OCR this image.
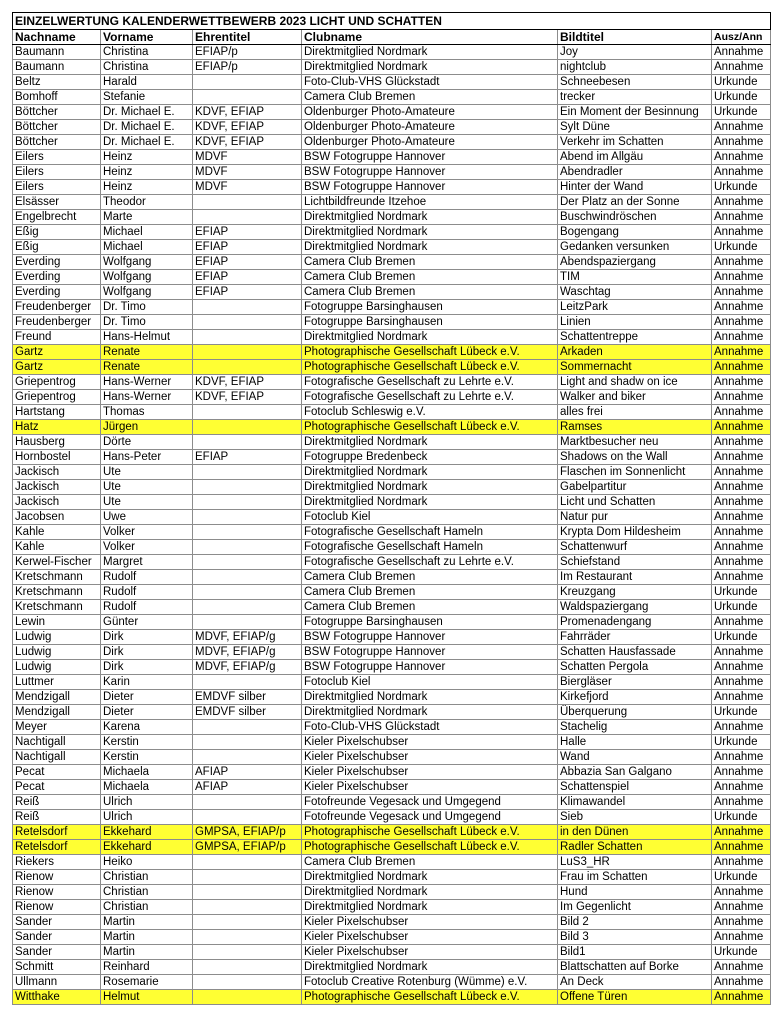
EINZELWERTUNG KALENDERWETTBEWERB 2023 LICHT UND SCHATTEN					
Nachname	Vorname	Ehrentitel	Clubname	Bildtitel	Ausz/Ann
Baumann	Christina	EFIAP/p	Direktmitglied Nordmark	Joy	Annahme
Baumann	Christina	EFIAP/p	Direktmitglied Nordmark	nightclub	Annahme
Beltz	Harald		Foto-Club-VHS Glückstadt	Schneebesen	Urkunde
Bomhoff	Stefanie		Camera Club Bremen	trecker	Urkunde
Böttcher	Dr. Michael E.	KDVF, EFIAP	Oldenburger Photo-Amateure	Ein Moment der Besinnung	Urkunde
Böttcher	Dr. Michael E.	KDVF, EFIAP	Oldenburger Photo-Amateure	Sylt Düne	Annahme
Böttcher	Dr. Michael E.	KDVF, EFIAP	Oldenburger Photo-Amateure	Verkehr im Schatten	Annahme
Eilers	Heinz	MDVF	BSW Fotogruppe Hannover	Abend im Allgäu	Annahme
Eilers	Heinz	MDVF	BSW Fotogruppe Hannover	Abendradler	Annahme
Eilers	Heinz	MDVF	BSW Fotogruppe Hannover	Hinter der Wand	Urkunde
Elsässer	Theodor		Lichtbildfreunde Itzehoe	Der Platz an der Sonne	Annahme
Engelbrecht	Marte		Direktmitglied Nordmark	Buschwindröschen	Annahme
Eßig	Michael	EFIAP	Direktmitglied Nordmark	Bogengang	Annahme
Eßig	Michael	EFIAP	Direktmitglied Nordmark	Gedanken versunken	Urkunde
Everding	Wolfgang	EFIAP	Camera Club Bremen	Abendspaziergang	Annahme
Everding	Wolfgang	EFIAP	Camera Club Bremen	TIM	Annahme
Everding	Wolfgang	EFIAP	Camera Club Bremen	Waschtag	Annahme
Freudenberger	Dr. Timo		Fotogruppe Barsinghausen	LeitzPark	Annahme
Freudenberger	Dr. Timo		Fotogruppe Barsinghausen	Linien	Annahme
Freund	Hans-Helmut		Direktmitglied Nordmark	Schattentreppe	Annahme
Gartz	Renate		Photographische Gesellschaft Lübeck e.V.	Arkaden	Annahme
Gartz	Renate		Photographische Gesellschaft Lübeck e.V.	Sommernacht	Annahme
Griepentrog	Hans-Werner	KDVF, EFIAP	Fotografische Gesellschaft zu Lehrte e.V.	Light and shadw on ice	Annahme
Griepentrog	Hans-Werner	KDVF, EFIAP	Fotografische Gesellschaft zu Lehrte e.V.	Walker and biker	Annahme
Hartstang	Thomas		Fotoclub Schleswig e.V.	alles frei	Annahme
Hatz	Jürgen		Photographische Gesellschaft Lübeck e.V.	Ramses	Annahme
Hausberg	Dörte		Direktmitglied Nordmark	Marktbesucher neu	Annahme
Hornbostel	Hans-Peter	EFIAP	Fotogruppe Bredenbeck	Shadows on the Wall	Annahme
Jackisch	Ute		Direktmitglied Nordmark	Flaschen im Sonnenlicht	Annahme
Jackisch	Ute		Direktmitglied Nordmark	Gabelpartitur	Annahme
Jackisch	Ute		Direktmitglied Nordmark	Licht und Schatten	Annahme
Jacobsen	Uwe		Fotoclub Kiel	Natur pur	Annahme
Kahle	Volker		Fotografische Gesellschaft Hameln	Krypta Dom Hildesheim	Annahme
Kahle	Volker		Fotografische Gesellschaft Hameln	Schattenwurf	Annahme
Kerwel-Fischer	Margret		Fotografische Gesellschaft zu Lehrte e.V.	Schiefstand	Annahme
Kretschmann	Rudolf		Camera Club Bremen	Im Restaurant	Annahme
Kretschmann	Rudolf		Camera Club Bremen	Kreuzgang	Urkunde
Kretschmann	Rudolf		Camera Club Bremen	Waldspaziergang	Urkunde
Lewin	Günter		Fotogruppe Barsinghausen	Promenadengang	Annahme
Ludwig	Dirk	MDVF, EFIAP/g	BSW Fotogruppe Hannover	Fahrräder	Urkunde
Ludwig	Dirk	MDVF, EFIAP/g	BSW Fotogruppe Hannover	Schatten Hausfassade	Annahme
Ludwig	Dirk	MDVF, EFIAP/g	BSW Fotogruppe Hannover	Schatten Pergola	Annahme
Luttmer	Karin		Fotoclub Kiel	Biergläser	Annahme
Mendzigall	Dieter	EMDVF silber	Direktmitglied Nordmark	Kirkefjord	Annahme
Mendzigall	Dieter	EMDVF silber	Direktmitglied Nordmark	Überquerung	Urkunde
Meyer	Karena		Foto-Club-VHS Glückstadt	Stachelig	Annahme
Nachtigall	Kerstin		Kieler Pixelschubser	Halle	Urkunde
Nachtigall	Kerstin		Kieler Pixelschubser	Wand	Annahme
Pecat	Michaela	AFIAP	Kieler Pixelschubser	Abbazia San Galgano	Annahme
Pecat	Michaela	AFIAP	Kieler Pixelschubser	Schattenspiel	Annahme
Reiß	Ulrich		Fotofreunde Vegesack und Umgegend	Klimawandel	Annahme
Reiß	Ulrich		Fotofreunde Vegesack und Umgegend	Sieb	Urkunde
Retelsdorf	Ekkehard	GMPSA, EFIAP/p	Photographische Gesellschaft Lübeck e.V.	in den Dünen	Annahme
Retelsdorf	Ekkehard	GMPSA, EFIAP/p	Photographische Gesellschaft Lübeck e.V.	Radler Schatten	Annahme
Riekers	Heiko		Camera Club Bremen	LuS3_HR	Annahme
Rienow	Christian		Direktmitglied Nordmark	Frau im Schatten	Urkunde
Rienow	Christian		Direktmitglied Nordmark	Hund	Annahme
Rienow	Christian		Direktmitglied Nordmark	Im Gegenlicht	Annahme
Sander	Martin		Kieler Pixelschubser	Bild 2	Annahme
Sander	Martin		Kieler Pixelschubser	Bild 3	Annahme
Sander	Martin		Kieler Pixelschubser	Bild1	Urkunde
Schmitt	Reinhard		Direktmitglied Nordmark	Blattschatten auf Borke	Annahme
Ullmann	Rosemarie		Fotoclub Creative Rotenburg (Wümme) e.V.	An Deck	Annahme
Witthake	Helmut		Photographische Gesellschaft Lübeck e.V.	Offene Türen	Annahme
